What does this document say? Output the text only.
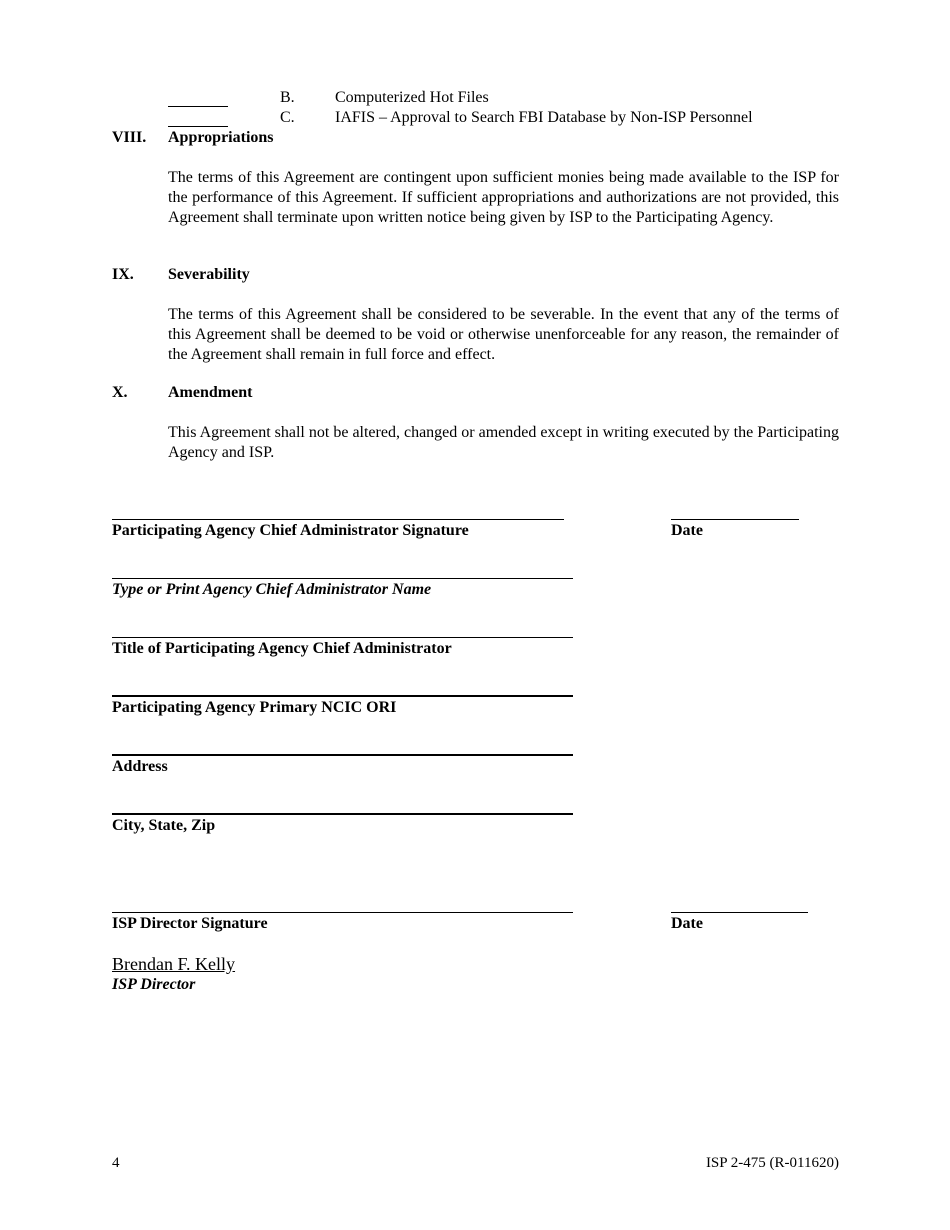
B.	Computerized Hot Files
C.	IAFIS – Approval to Search FBI Database by Non-ISP Personnel
VIII. Appropriations
The terms of this Agreement are contingent upon sufficient monies being made available to the ISP for the performance of this Agreement. If sufficient appropriations and authorizations are not provided, this Agreement shall terminate upon written notice being given by ISP to the Participating Agency.
IX. Severability
The terms of this Agreement shall be considered to be severable. In the event that any of the terms of this Agreement shall be deemed to be void or otherwise unenforceable for any reason, the remainder of the Agreement shall remain in full force and effect.
X.	Amendment
This Agreement shall not be altered, changed or amended except in writing executed by the Participating Agency and ISP.
Participating Agency Chief Administrator Signature	Date
Type or Print Agency Chief Administrator Name
Title of Participating Agency Chief Administrator
Participating Agency Primary NCIC ORI
Address
City, State, Zip
ISP Director Signature	Date
Brendan F. Kelly
ISP Director
4	ISP 2-475 (R-011620)
